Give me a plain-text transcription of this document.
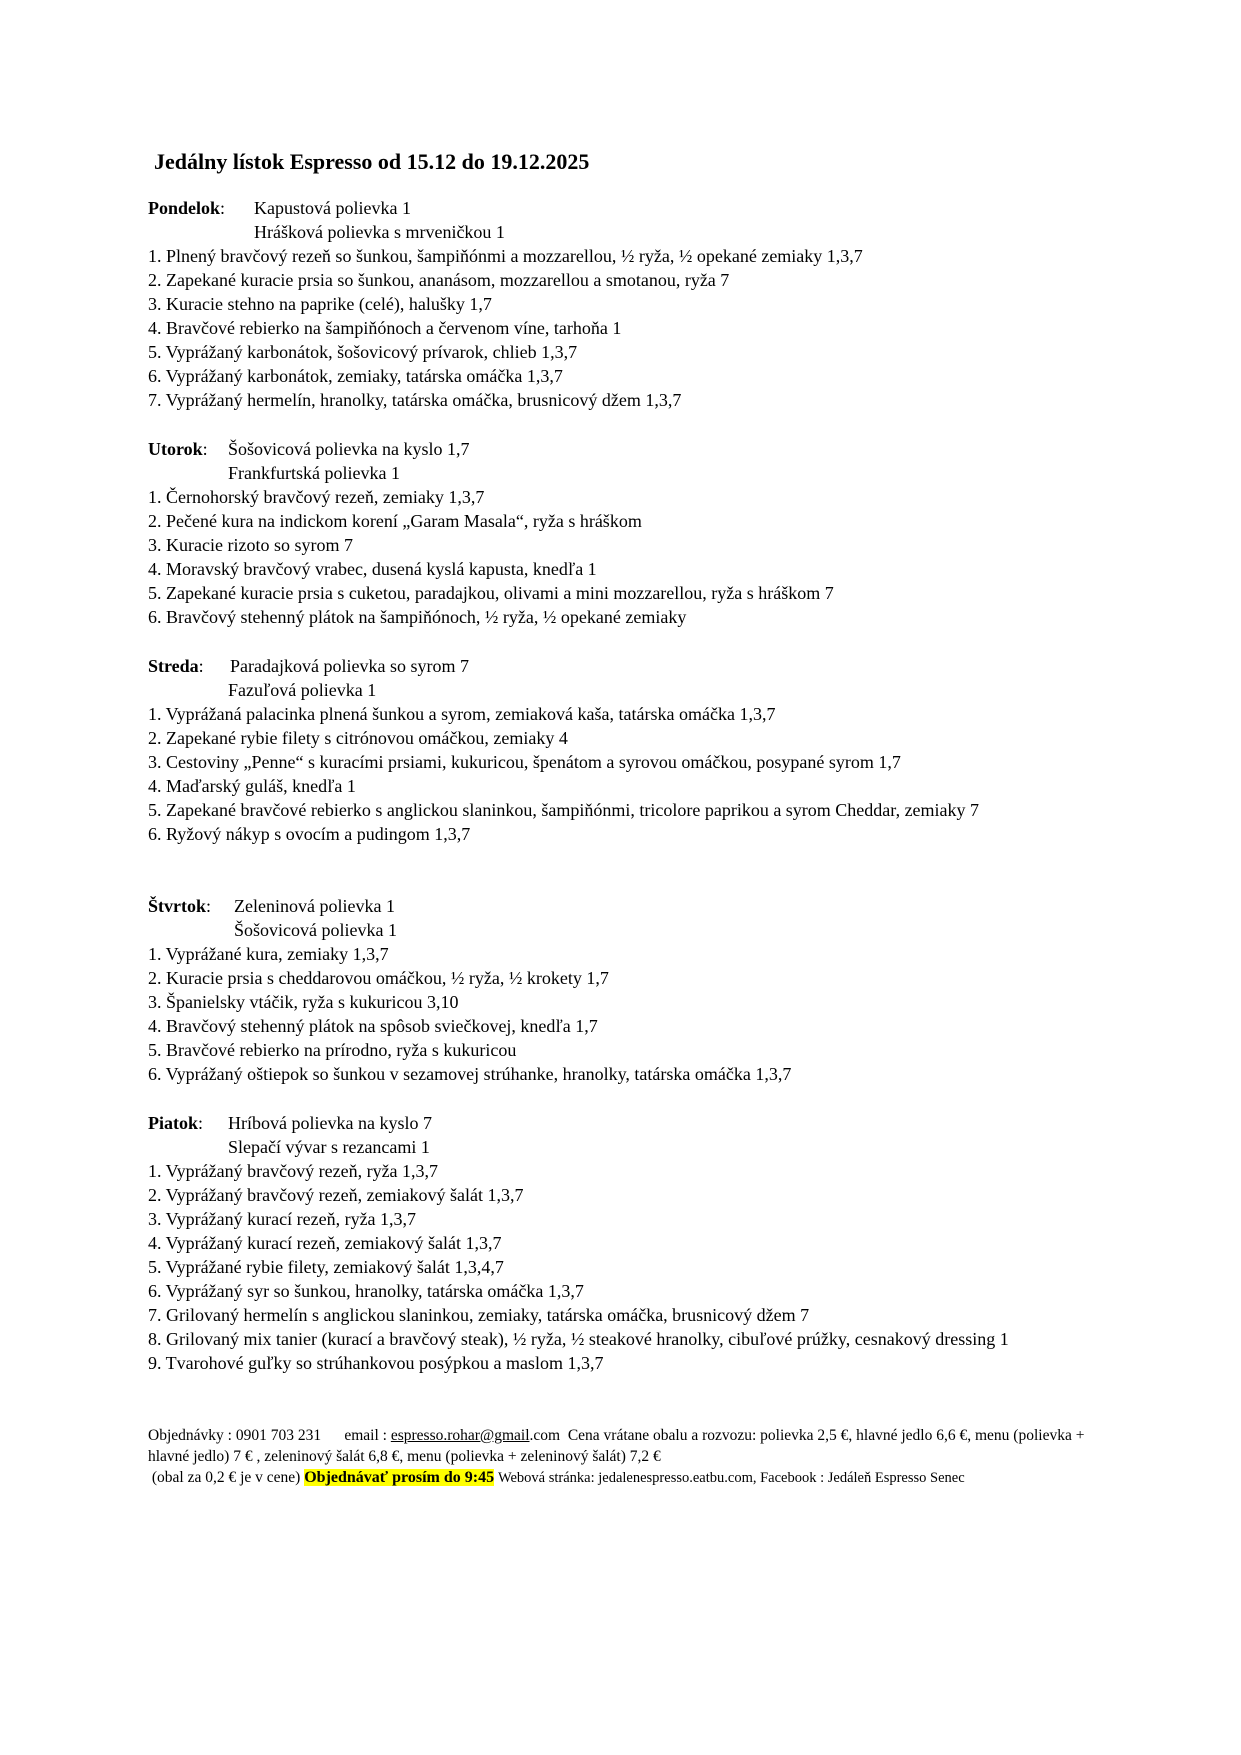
Jedálny lístok Espresso od 15.12 do 19.12.2025
Pondelok: Kapustová polievka 1
Hrášková polievka s mrveničkou 1
1. Plnený bravčový rezeň so šunkou, šampiňónmi a mozzarellou, ½ ryža, ½ opekané zemiaky 1,3,7
2. Zapekané kuracie prsia so šunkou, ananásom, mozzarellou a smotanou, ryža 7
3. Kuracie stehno na paprike (celé), halušky 1,7
4. Bravčové rebierko na šampiňónoch a červenom víne, tarhoňa 1
5. Vyprážaný karbonátok, šošovicový prívarok, chlieb 1,3,7
6. Vyprážaný karbonátok, zemiaky, tatárska omáčka 1,3,7
7. Vyprážaný hermelín, hranolky, tatárska omáčka, brusnicový džem 1,3,7
Utorok: Šošovicová polievka na kyslo 1,7
Frankfurtská polievka 1
1. Černohorský bravčový rezeň, zemiaky 1,3,7
2. Pečené kura na indickom korení „Garam Masala“, ryža s hráškom
3. Kuracie rizoto so syrom 7
4. Moravský bravčový vrabec, dusená kyslá kapusta, knedľa 1
5. Zapekané kuracie prsia s cuketou, paradajkou, olivami a mini mozzarellou, ryža s hráškom 7
6. Bravčový stehenný plátok na šampiňónoch, ½ ryža, ½ opekané zemiaky
Streda: Paradajková polievka so syrom 7
Fazuľová polievka 1
1. Vyprážaná palacinka plnená šunkou a syrom, zemiaková kaša, tatárska omáčka 1,3,7
2. Zapekané rybie filety s citrónovou omáčkou, zemiaky 4
3. Cestoviny „Penne“ s kuracími prsiami, kukuricou, špenátom a syrovou omáčkou, posypané syrom 1,7
4. Maďarský guláš, knedľa 1
5. Zapekané bravčové rebierko s anglickou slaninkou, šampiňónmi, tricolore paprikou a syrom Cheddar, zemiaky 7
6. Ryžový nákyp s ovocím a pudingom 1,3,7
Štvrtok: Zeleninová polievka 1
Šošovicová polievka 1
1. Vyprážané kura, zemiaky 1,3,7
2. Kuracie prsia s cheddarovou omáčkou, ½ ryža, ½ krokety 1,7
3. Španielsky vtáčik, ryža s kukuricou 3,10
4. Bravčový stehenný plátok na spôsob sviečkovej, knedľa 1,7
5. Bravčové rebierko na prírodno, ryža s kukuricou
6. Vyprážaný oštiepok so šunkou v sezamovej strúhanke, hranolky, tatárska omáčka 1,3,7
Piatok: Hríbová polievka na kyslo 7
Slepačí vývar s rezancami 1
1. Vyprážaný bravčový rezeň, ryža 1,3,7
2. Vyprážaný bravčový rezeň, zemiakový šalát 1,3,7
3. Vyprážaný kurací rezeň, ryža 1,3,7
4. Vyprážaný kurací rezeň, zemiakový šalát 1,3,7
5. Vyprážané rybie filety, zemiakový šalát 1,3,4,7
6. Vyprážaný syr so šunkou, hranolky, tatárska omáčka 1,3,7
7. Grilovaný hermelín s anglickou slaninkou, zemiaky, tatárska omáčka, brusnicový džem 7
8. Grilovaný mix tanier (kurací a bravčový steak), ½ ryža, ½ steakové hranolky, cibuľové prúžky, cesnakový dressing 1
9. Tvarohové guľky so strúhankovou posýpkou a maslom 1,3,7
Objednávky : 0901 703 231 email : espresso.rohar@gmail.com Cena vrátane obalu a rozvozu: polievka 2,5 €, hlavné jedlo 6,6 €, menu (polievka + hlavné jedlo) 7 € , zeleninový šalát 6,8 €, menu (polievka + zeleninový šalát) 7,2 €
(obal za 0,2 € je v cene) Objednávať prosím do 9:45 Webová stránka: jedalenespresso.eatbu.com, Facebook : Jedáleň Espresso Senec
